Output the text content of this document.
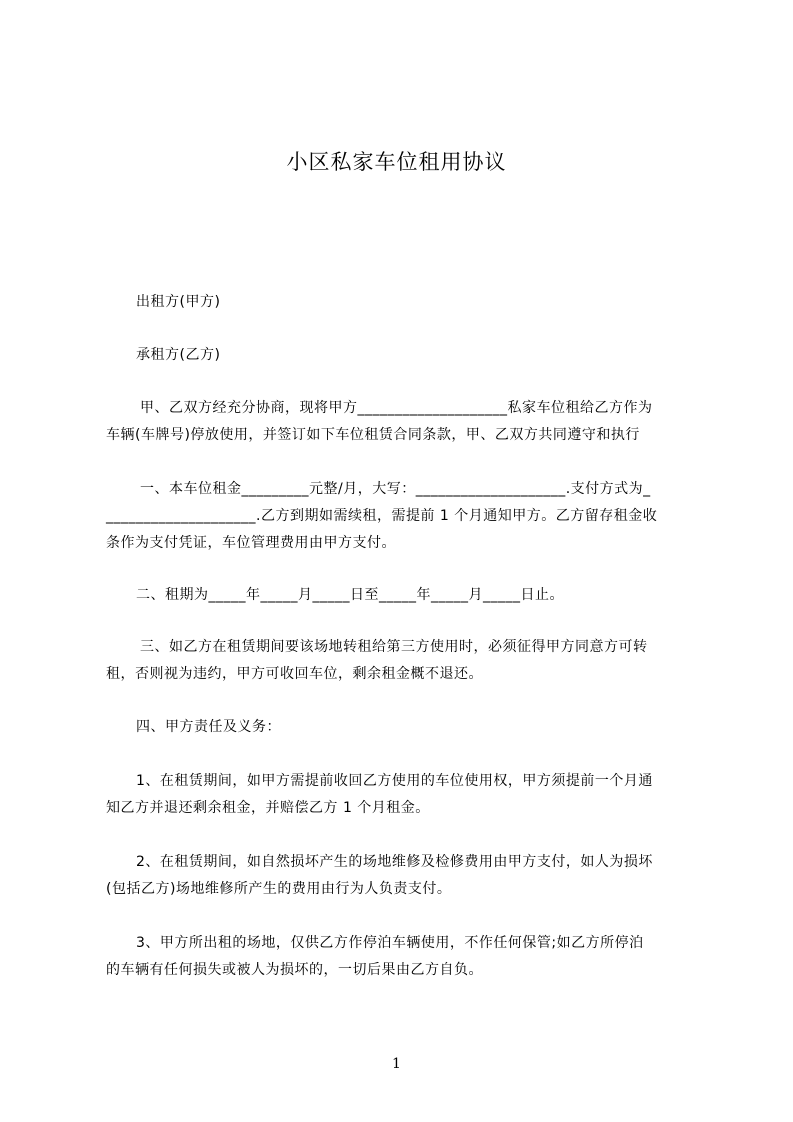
小区私家车位租用协议
出租方(甲方)
承租方(乙方)
甲、乙双方经充分协商，现将甲方____________________私家车位租给乙方作为
车辆(车牌号)停放使用，并签订如下车位租赁合同条款，甲、乙双方共同遵守和执行
一、本车位租金_________元整/月，大写：____________________.支付方式为_
____________________.乙方到期如需续租，需提前 1 个月通知甲方。乙方留存租金收
条作为支付凭证，车位管理费用由甲方支付。
二、租期为_____年_____月_____日至_____年_____月_____日止。
三、如乙方在租赁期间要该场地转租给第三方使用时，必须征得甲方同意方可转
租，否则视为违约，甲方可收回车位，剩余租金概不退还。
四、甲方责任及义务：
1、在租赁期间，如甲方需提前收回乙方使用的车位使用权，甲方须提前一个月通
知乙方并退还剩余租金，并赔偿乙方 1 个月租金。
2、在租赁期间，如自然损坏产生的场地维修及检修费用由甲方支付，如人为损坏
(包括乙方)场地维修所产生的费用由行为人负责支付。
3、甲方所出租的场地，仅供乙方作停泊车辆使用，不作任何保管;如乙方所停泊
的车辆有任何损失或被人为损坏的，一切后果由乙方自负。
1
